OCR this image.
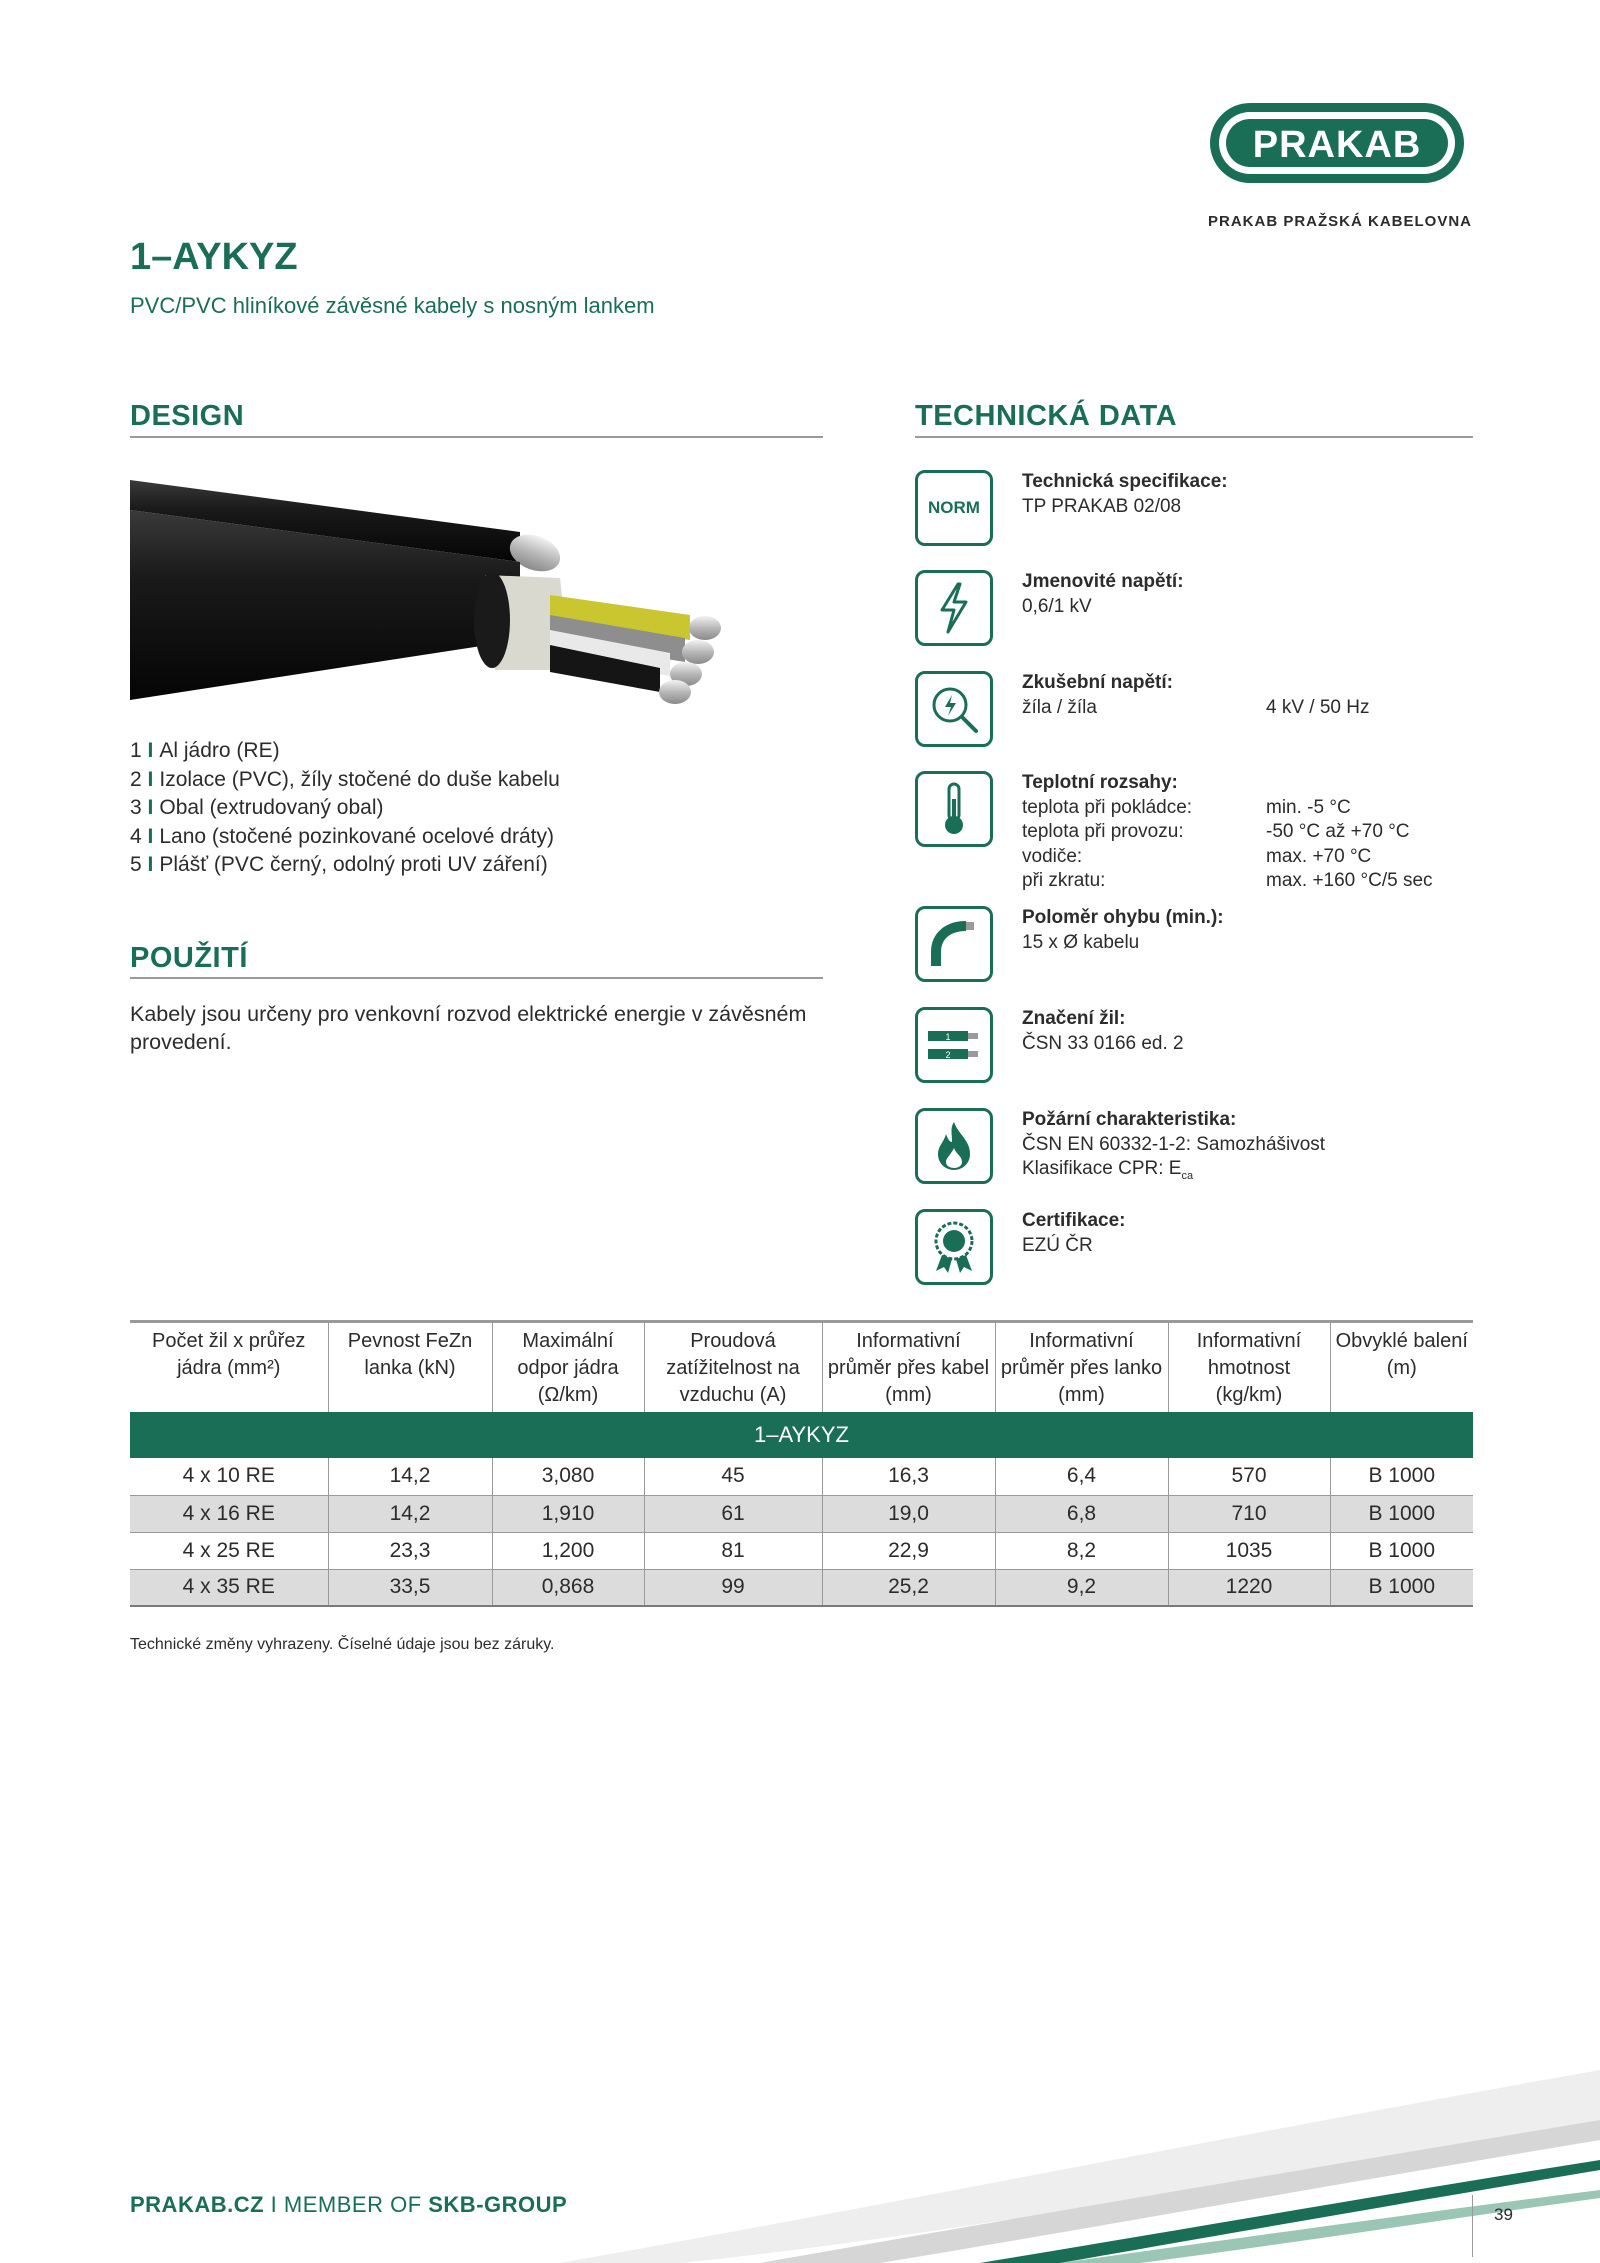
PRAKAB
PRAKAB PRAŽSKÁ KABELOVNA
1–AYKYZ
PVC/PVC hliníkové závěsné kabely s nosným lankem
DESIGN
1 I Al jádro (RE)
2 I Izolace (PVC), žíly stočené do duše kabelu
3 I Obal (extrudovaný obal)
4 I Lano (stočené pozinkované ocelové dráty)
5 I Plášť (PVC černý, odolný proti UV záření)
POUŽITÍ
Kabely jsou určeny pro venkovní rozvod elektrické energie v závěsném provedení.
TECHNICKÁ DATA
NORM
Technická specifikace:
TP PRAKAB 02/08
Jmenovité napětí:
0,6/1 kV
Zkušební napětí:
žíla / žíla	4 kV / 50 Hz
Teplotní rozsahy:
teplota při pokládce:	min. -5 °C
teplota při provozu:	-50 °C až +70 °C
vodiče:	max. +70 °C
při zkratu:	max. +160 °C/5 sec
Poloměr ohybu (min.):
15 x Ø kabelu
1
2
Značení žil:
ČSN 33 0166 ed. 2
Požární charakteristika:
ČSN EN 60332-1-2: Samozhášivost
Klasifikace CPR: $E_{ca}$
Certifikace:
EZÚ ČR
Počet žil x průřez jádra (mm²)	Pevnost FeZn lanka (kN)	Maximální odpor jádra (Ω/km)	Proudová zatížitelnost na vzduchu (A)	Informativní průměr přes kabel (mm)	Informativní průměr přes lanko (mm)	Informativní hmotnost (kg/km)	Obvyklé balení (m)
1–AYKYZ							
4 x 10 RE	14,2	3,080	45	16,3	6,4	570	B 1000
4 x 16 RE	14,2	1,910	61	19,0	6,8	710	B 1000
4 x 25 RE	23,3	1,200	81	22,9	8,2	1035	B 1000
4 x 35 RE	33,5	0,868	99	25,2	9,2	1220	B 1000
Technické změny vyhrazeny. Číselné údaje jsou bez záruky.
PRAKAB.CZ I MEMBER OF SKB-GROUP	39
